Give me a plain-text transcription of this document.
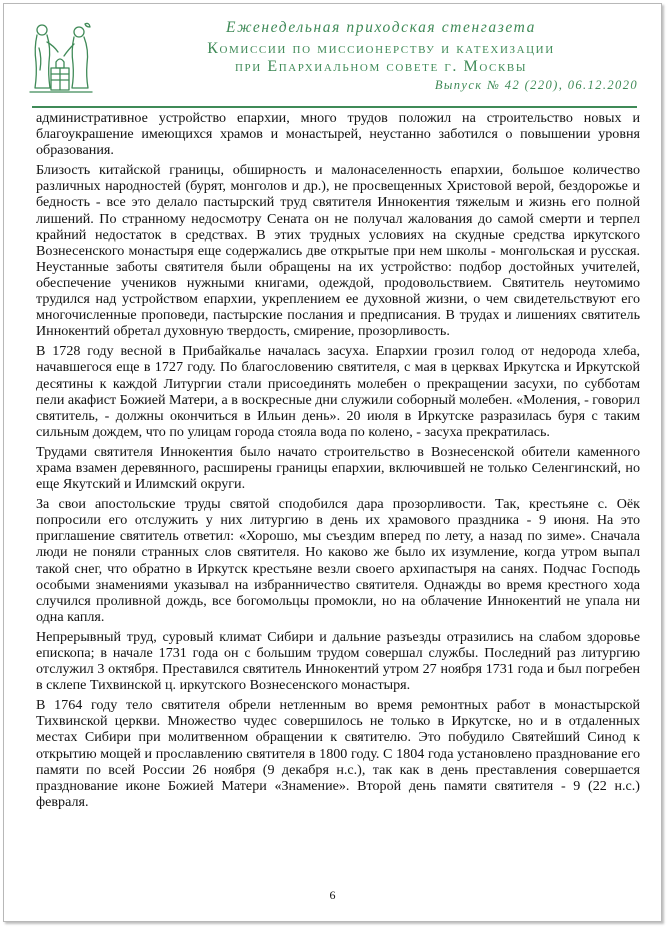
Еженедельная приходская стенгазета
Комиссии по миссионерству и катехизации
при Епархиальном совете г. Москвы
Выпуск № 42 (220), 06.12.2020

административное устройство епархии, много трудов положил на строительство новых и благоукрашение имеющихся храмов и монастырей, неустанно заботился о повышении уровня образования.

Близость китайской границы, обширность и малонаселенность епархии, большое количество различных народностей (бурят, монголов и др.), не просвещенных Христовой верой, бездорожье и бедность - все это делало пастырский труд святителя Иннокентия тяжелым и жизнь его полной лишений. По странному недосмотру Сената он не получал жалования до самой смерти и терпел крайний недостаток в средствах. В этих трудных условиях на скудные средства иркутского Вознесенского монастыря еще содержались две открытые при нем школы - монгольская и русская. Неустанные заботы святителя были обращены на их устройство: подбор достойных учителей, обеспечение учеников нужными книгами, одеждой, продовольствием. Святитель неутомимо трудился над устройством епархии, укреплением ее духовной жизни, о чем свидетельствуют его многочисленные проповеди, пастырские послания и предписания. В трудах и лишениях святитель Иннокентий обретал духовную твердость, смирение, прозорливость.

В 1728 году весной в Прибайкалье началась засуха. Епархии грозил голод от недорода хлеба, начавшегося еще в 1727 году. По благословению святителя, с мая в церквах Иркутска и Иркутской десятины к каждой Литургии стали присоединять молебен о прекращении засухи, по субботам пели акафист Божией Матери, а в воскресные дни служили соборный молебен. «Моления, - говорил святитель, - должны окончиться в Ильин день». 20 июля в Иркутске разразилась буря с таким сильным дождем, что по улицам города стояла вода по колено, - засуха прекратилась.

Трудами святителя Иннокентия было начато строительство в Вознесенской обители каменного храма взамен деревянного, расширены границы епархии, включившей не только Селенгинский, но еще Якутский и Илимский округи.

За свои апостольские труды святой сподобился дара прозорливости. Так, крестьяне с. Оёк попросили его отслужить у них литургию в день их храмового праздника - 9 июня. На это приглашение святитель ответил: «Хорошо, мы съездим вперед по лету, а назад по зиме». Сначала люди не поняли странных слов святителя. Но каково же было их изумление, когда утром выпал такой снег, что обратно в Иркутск крестьяне везли своего архипастыря на санях. Подчас Господь особыми знамениями указывал на избранничество святителя. Однажды во время крестного хода случился проливной дождь, все богомольцы промокли, но на облачение Иннокентий не упала ни одна капля.

Непрерывный труд, суровый климат Сибири и дальние разъезды отразились на слабом здоровье епископа; в начале 1731 года он с большим трудом совершал службы. Последний раз литургию отслужил 3 октября. Преставился святитель Иннокентий утром 27 ноября 1731 года и был погребен в склепе Тихвинской ц. иркутского Вознесенского монастыря.

В 1764 году тело святителя обрели нетленным во время ремонтных работ в монастырской Тихвинской церкви. Множество чудес совершилось не только в Иркутске, но и в отдаленных местах Сибири при молитвенном обращении к святителю. Это побудило Святейший Синод к открытию мощей и прославлению святителя в 1800 году. С 1804 года установлено празднование его памяти по всей России 26 ноября (9 декабря н.с.), так как в день преставления совершается празднование иконе Божией Матери «Знамение». Второй день памяти святителя - 9 (22 н.с.) февраля.

6
